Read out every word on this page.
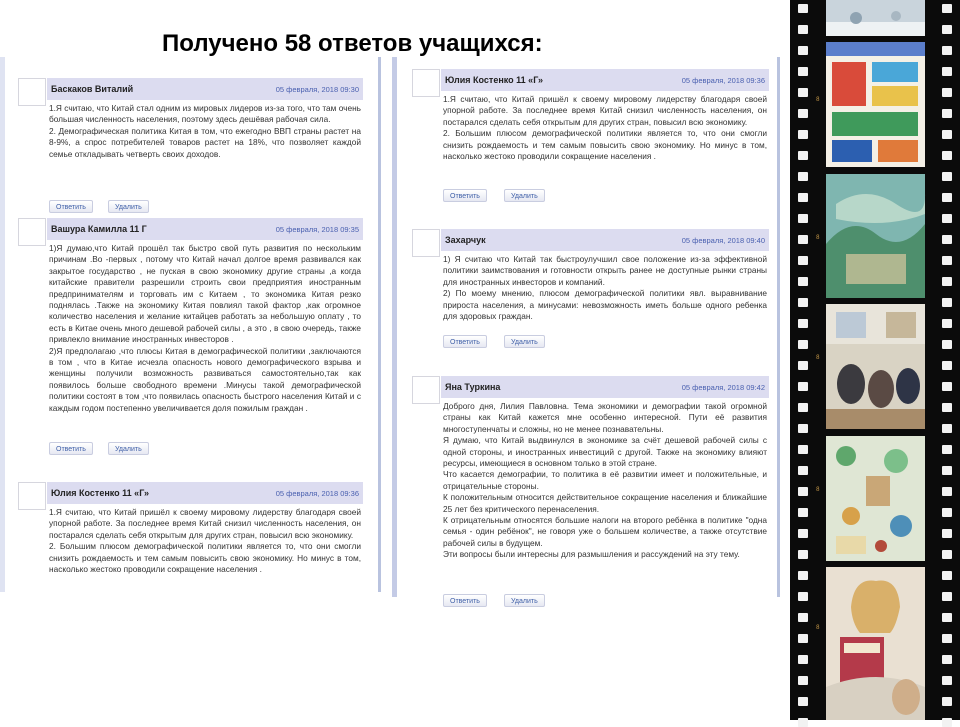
Получено 58 ответов учащихся:
Баскаков Виталий	05 февраля, 2018 09:30
1.Я считаю, что Китай стал одним из мировых лидеров из-за того, что там очень большая численность населения, поэтому здесь дешёвая рабочая сила.
2. Демографическая политика Китая в том, что ежегодно ВВП страны растет на 8-9%, а спрос потребителей товаров растет на 18%, что позволяет каждой семье откладывать четверть своих доходов.
Ответить	Удалить
Вашура Камилла 11 Г	05 февраля, 2018 09:35
1)Я думаю,что Китай прошёл так быстро свой путь развития по нескольким причинам .Во -первых , потому что Китай начал долгое время развивался как закрытое государство , не пуская в свою экономику другие страны ,а когда китайские правители разрешили строить свои предприятия иностранным предпринимателям и торговать им с Китаем , то экономика Китая резко поднялась .Также на экономику Китая повлиял такой фактор ,как огромное количество населения и желание китайцев работать за небольшую оплату , то есть в Китае очень много дешевой рабочей силы , а это , в свою очередь, также привлекло внимание иностранных инвесторов .
2)Я предполагаю ,что плюсы Китая в демографической политики ,заключаются в том , что в Китае исчезла опасность нового демографического взрыва и женщины получили возможность развиваться самостоятельно,так как появилось больше свободного времени .Минусы такой демографической политики состоят в том ,что появилась опасность быстрого населения Китай и с каждым годом постепенно увеличивается доля пожилым граждан .
Ответить	Удалить
Юлия Костенко 11 «Г»	05 февраля, 2018 09:36
1.Я считаю, что Китай пришёл к своему мировому лидерству благодаря своей упорной работе. За последнее время Китай снизил численность населения, он постарался сделать себя открытым для других стран, повысил всю экономику.
2. Большим плюсом демографической политики является то, что они смогли снизить рождаемость и тем самым повысить свою экономику. Но минус в том, насколько жестоко проводили сокращение населения .
Юлия Костенко 11 «Г»	05 февраля, 2018 09:36
1.Я считаю, что Китай пришёл к своему мировому лидерству благодаря своей упорной работе. За последнее время Китай снизил численность населения, он постарался сделать себя открытым для других стран, повысил всю экономику.
2. Большим плюсом демографической политики является то, что они смогли снизить рождаемость и тем самым повысить свою экономику. Но минус в том, насколько жестоко проводили сокращение населения .
Ответить	Удалить
Захарчук	05 февраля, 2018 09:40
1) Я считаю что Китай так быстроулучшил свое положение из-за эффективной политики заимствования и готовности открыть ранее не доступные рынки страны для иностранных инвесторов и компаний.
2) По моему мнению, плюсом демографической политики явл. выравнивание прироста населения, а минусами: невозможность иметь больше одного ребенка для здоровых граждан.
Ответить	Удалить
Яна Туркина	05 февраля, 2018 09:42
Доброго дня, Лилия Павловна. Тема экономики и демографии такой огромной страны как Китай кажется мне особенно интересной. Пути её развития многоступенчаты и сложны, но не менее познавательны.
Я думаю, что Китай выдвинулся в экономике за счёт дешевой рабочей силы с одной стороны, и иностранных инвестиций с другой. Также на экономику влияют ресурсы, имеющиеся в основном только в этой стране.
Что касается демографии, то политика в её развитии имеет и положительные, и отрицательные стороны.
К положительным относится действительное сокращение населения и ближайшие 25 лет без критического перенаселения.
К отрицательным относятся большие налоги на второго ребёнка в политике "одна семья - один ребёнок", не говоря уже о большем количестве, а также отсутствие рабочей силы в будущем.
Эти вопросы были интересны для размышления и рассуждений на эту тему.
Ответить	Удалить
8
8
8
8
8
